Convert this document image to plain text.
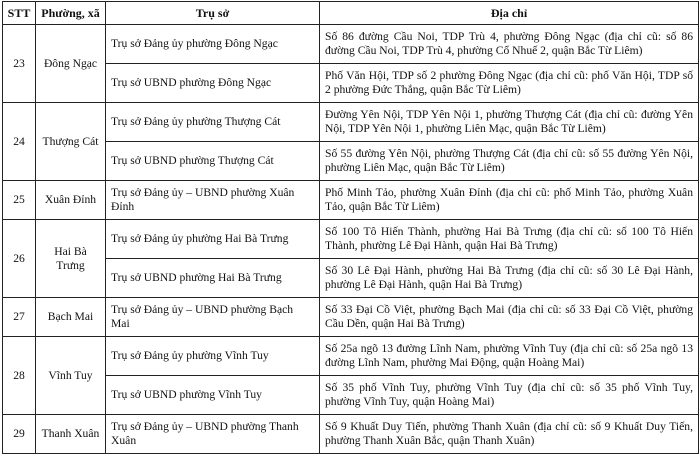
STT	Phường, xã	Trụ sở	Địa chỉ
23	Đông Ngạc	Trụ sở Đảng ủy phường Đông Ngạc	Số 86 đường Cầu Noi, TDP Trù 4, phường Đông Ngạc (địa chỉ cũ: số 86 đường Cầu Noi, TDP Trù 4, phường Cổ Nhuế 2, quận Bắc Từ Liêm)
		Trụ sở UBND phường Đông Ngạc	Phố Văn Hội, TDP số 2 phường Đông Ngạc (địa chỉ cũ: phố Văn Hội, TDP số 2 phường Đức Thắng, quận Bắc Từ Liêm)
24	Thượng Cát	Trụ sở Đảng ủy phường Thượng Cát	Đường Yên Nội, TDP Yên Nội 1, phường Thượng Cát (địa chỉ cũ: đường Yên Nội, TDP Yên Nội 1, phường Liên Mạc, quận Bắc Từ Liêm)
		Trụ sở UBND phường Thượng Cát	Số 55 đường Yên Nội, phường Thượng Cát (địa chỉ cũ: số 55 đường Yên Nội, phường Liên Mạc, quận Bắc Từ Liêm)
25	Xuân Đỉnh	Trụ sở Đảng ủy – UBND phường Xuân Đỉnh	Phố Minh Tảo, phường Xuân Đỉnh (địa chỉ cũ: phố Minh Tảo, phường Xuân Tảo, quận Bắc Từ Liêm)
26	Hai Bà Trưng	Trụ sở Đảng ủy phường Hai Bà Trưng	Số 100 Tô Hiến Thành, phường Hai Bà Trưng (địa chỉ cũ: số 100 Tô Hiến Thành, phường Lê Đại Hành, quận Hai Bà Trưng)
		Trụ sở UBND phường Hai Bà Trưng	Số 30 Lê Đại Hành, phường Hai Bà Trưng (địa chỉ cũ: số 30 Lê Đại Hành, phường Lê Đại Hành, quận Hai Bà Trưng)
27	Bạch Mai	Trụ sở Đảng ủy – UBND phường Bạch Mai	Số 33 Đại Cồ Việt, phường Bạch Mai (địa chỉ cũ: số 33 Đại Cồ Việt, phường Cầu Dền, quận Hai Bà Trưng)
28	Vĩnh Tuy	Trụ sở Đảng ủy phường Vĩnh Tuy	Số 25a ngõ 13 đường Lĩnh Nam, phường Vĩnh Tuy (địa chỉ cũ: số 25a ngõ 13 đường Lĩnh Nam, phường Mai Động, quận Hoàng Mai)
		Trụ sở UBND phường Vĩnh Tuy	Số 35 phố Vĩnh Tuy, phường Vĩnh Tuy (địa chỉ cũ: số 35 phố Vĩnh Tuy, phường Vĩnh Tuy, quận Hoàng Mai)
29	Thanh Xuân	Trụ sở Đảng ủy – UBND phường Thanh Xuân	Số 9 Khuất Duy Tiến, phường Thanh Xuân (địa chỉ cũ: số 9 Khuất Duy Tiến, phường Thanh Xuân Bắc, quận Thanh Xuân)
